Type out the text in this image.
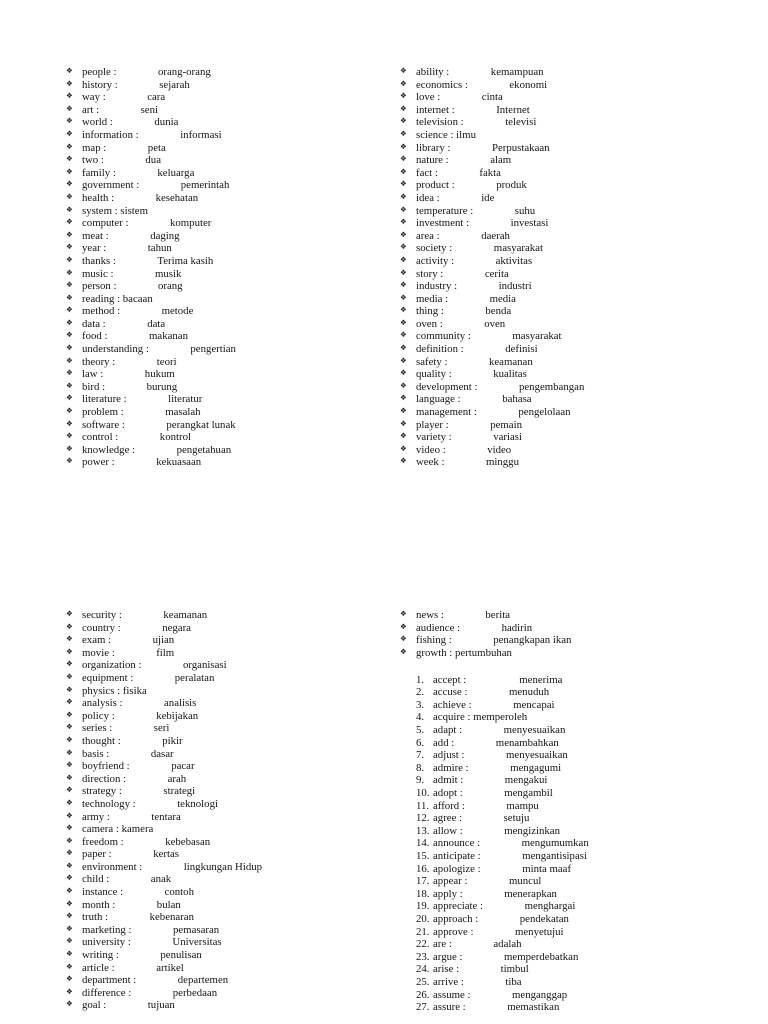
❖
people :	orang-orang
❖
history :	sejarah
❖
way :	cara
❖
art :	seni
❖
world :	dunia
❖
information :	informasi
❖
map :	peta
❖
two :	dua
❖
family :	keluarga
❖
government :	pemerintah
❖
health :	kesehatan
❖
system : sistem
❖
computer :	komputer
❖
meat :	daging
❖
year :	tahun
❖
thanks :	Terima kasih
❖
music :	musik
❖
person :	orang
❖
reading : bacaan
❖
method :	metode
❖
data :	data
❖
food :	makanan
❖
understanding :	pengertian
❖
theory :	teori
❖
law :	hukum
❖
bird :	burung
❖
literature :	literatur
❖
problem :	masalah
❖
software :	perangkat lunak
❖
control :	kontrol
❖
knowledge :	pengetahuan
❖
power :	kekuasaan
❖
ability :	kemampuan
❖
economics :	ekonomi
❖
love :	cinta
❖
internet :	Internet
❖
television :	televisi
❖
science : ilmu
❖
library :	Perpustakaan
❖
nature :	alam
❖
fact :	fakta
❖
product :	produk
❖
idea :	ide
❖
temperature :	suhu
❖
investment :	investasi
❖
area :	daerah
❖
society :	masyarakat
❖
activity :	aktivitas
❖
story :	cerita
❖
industry :	industri
❖
media :	media
❖
thing :	benda
❖
oven :	oven
❖
community :	masyarakat
❖
definition :	definisi
❖
safety :	keamanan
❖
quality :	kualitas
❖
development :	pengembangan
❖
language :	bahasa
❖
management :	pengelolaan
❖
player :	pemain
❖
variety :	variasi
❖
video :	video
❖
week :	minggu
❖
security :	keamanan
❖
country :	negara
❖
exam :	ujian
❖
movie :	film
❖
organization :	organisasi
❖
equipment :	peralatan
❖
physics : fisika
❖
analysis :	analisis
❖
policy :	kebijakan
❖
series :	seri
❖
thought :	pikir
❖
basis :	dasar
❖
boyfriend :	pacar
❖
direction :	arah
❖
strategy :	strategi
❖
technology :	teknologi
❖
army :	tentara
❖
camera : kamera
❖
freedom :	kebebasan
❖
paper :	kertas
❖
environment :	lingkungan Hidup
❖
child :	anak
❖
instance :	contoh
❖
month :	bulan
❖
truth :	kebenaran
❖
marketing :	pemasaran
❖
university :	Universitas
❖
writing :	penulisan
❖
article :	artikel
❖
department :	departemen
❖
difference :	perbedaan
❖
goal :	tujuan
❖
news :	berita
❖
audience :	hadirin
❖
fishing :	penangkapan ikan
❖
growth : pertumbuhan
1. accept :	menerima
2. accuse :	menuduh
3. achieve :	mencapai
4. acquire : memperoleh
5. adapt :	menyesuaikan
6. add :	menambahkan
7. adjust :	menyesuaikan
8. admire :	mengagumi
9. admit :	mengakui
10. adopt :	mengambil
11. afford :	mampu
12. agree :	setuju
13. allow :	mengizinkan
14. announce :	mengumumkan
15. anticipate :	mengantisipasi
16. apologize :	minta maaf
17. appear :	muncul
18. apply :	menerapkan
19. appreciate :	menghargai
20. approach :	pendekatan
21. approve :	menyetujui
22. are :	adalah
23. argue :	memperdebatkan
24. arise :	timbul
25. arrive :	tiba
26. assume :	menganggap
27. assure :	memastikan
